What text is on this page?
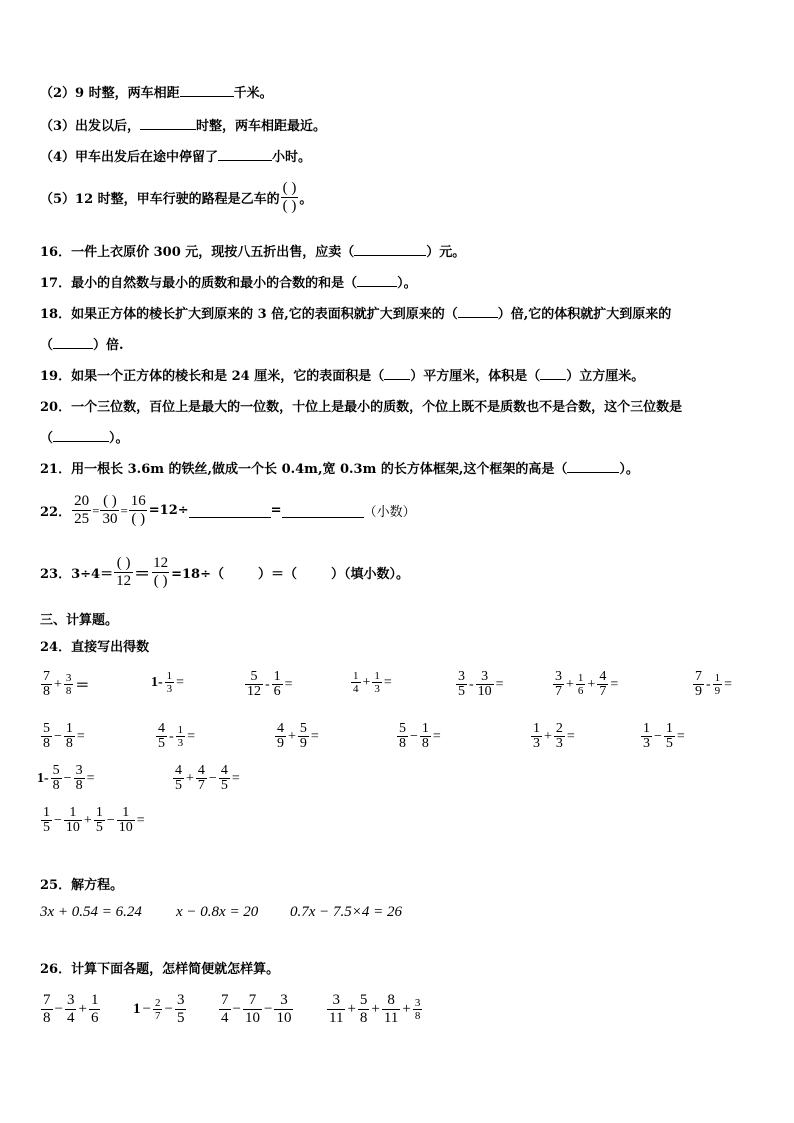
（2）9 时整，两车相距	千米。
（3）出发以后，	时整，两车相距最近。
（4）甲车出发后在途中停留了	小时。
（5）12 时整，甲车行驶的路程是乙车的 $\frac{( )}{( )}$ 。
16．一件上衣原价 300 元，现按八五折出售，应卖（	）元。
17．最小的自然数与最小的质数和最小的合数的和是（	）。
18．如果正方体的棱长扩大到原来的 3 倍,它的表面积就扩大到原来的（	）倍,它的体积就扩大到原来的
（	）倍.
19．如果一个正方体的棱长和是 24 厘米，它的表面积是（ ）平方厘米，体积是（ ）立方厘米。
20．一个三位数，百位上是最大的一位数，十位上是最小的质数，个位上既不是质数也不是合数，这个三位数是
（	）。
21．用一根长 3.6m 的铁丝,做成一个长 0.4m,宽 0.3m 的长方体框架,这个框架的高是（	）。
22． $\frac{20}{25} = \frac{( )}{30} = \frac{16}{( )} =12\div$	=	（小数）
23．$3\div 4= \frac{( )}{12} = \frac{12}{( )} =18\div$（	）＝（	）（填小数）。
三、计算题。
24．直接写出得数
$\frac{7}{8} + \frac{3}{8}$ ＝	$1- \frac{1}{3}$ =	$\frac{5}{12} - \frac{1}{6}$ =	$\frac{1}{4} + \frac{1}{3}$ =	$\frac{3}{5} - \frac{3}{10}$ =	$\frac{3}{7} + \frac{1}{6} + \frac{4}{7}$ =	$\frac{7}{9} - \frac{1}{9}$ =
$\frac{5}{8} - \frac{1}{8}$ =	$\frac{4}{5} - \frac{1}{3}$ =	$\frac{4}{9} + \frac{5}{9}$ =	$\frac{5}{8} - \frac{1}{8}$ =	$\frac{1}{3} + \frac{2}{3}$ =	$\frac{1}{3} - \frac{1}{5}$ =
$1- \frac{5}{8} - \frac{3}{8}$ =	$\frac{4}{5} + \frac{4}{7} - \frac{4}{5}$ =
$\frac{1}{5} - \frac{1}{10} + \frac{1}{5} - \frac{1}{10}$ =
25．解方程。
3x + 0.54 = 6.24 x − 0.8x = 20 0.7x − 7.5×4 = 26
26．计算下面各题，怎样简便就怎样算。
$\frac{7}{8} - \frac{3}{4} + \frac{1}{6} 1 - \frac{2}{7} - \frac{3}{5} \frac{7}{4} - \frac{7}{10} - \frac{3}{10} \frac{3}{11} + \frac{5}{8} + \frac{8}{11} + \frac{3}{8}$
